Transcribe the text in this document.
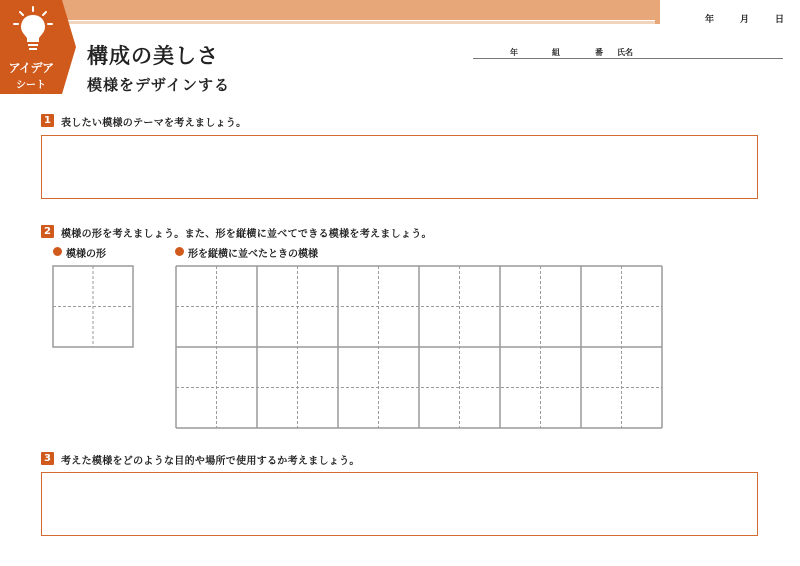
年	月	日
アイデア
シート
構成の美しさ
模様をデザインする
年	組	番 氏名
1	表したい模様のテーマを考えましょう。
2	模様の形を考えましょう。また、形を縦横に並べてできる模様を考えましょう。
模様の形	形を縦横に並べたときの模様
3	考えた模様をどのような目的や場所で使用するか考えましょう。
